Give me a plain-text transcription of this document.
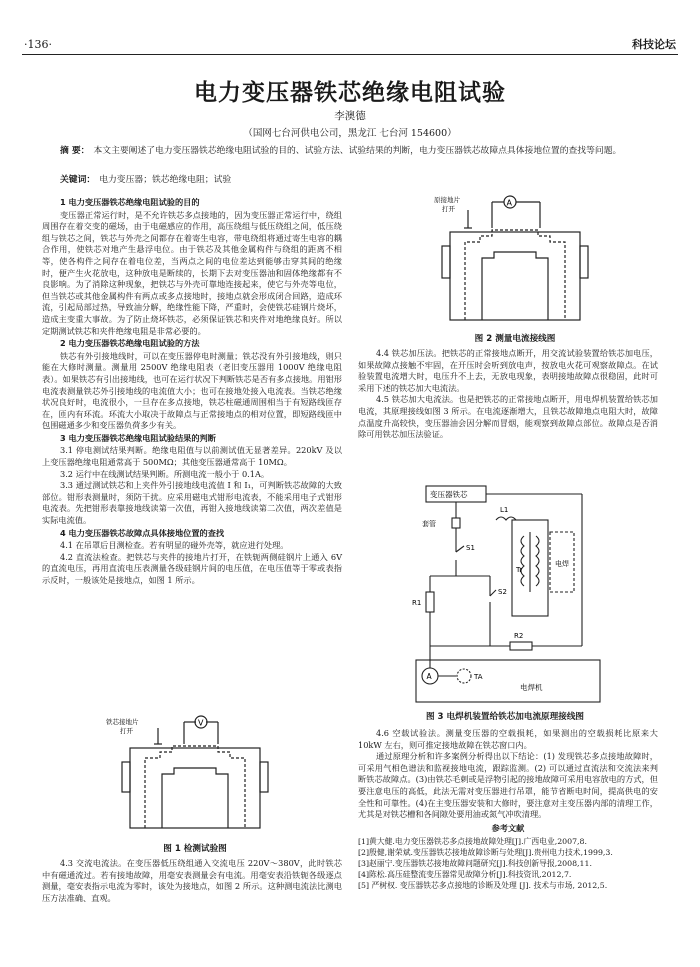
·136·	科技论坛
电力变压器铁芯绝缘电阻试验
李澳德
（国网七台河供电公司，黑龙江 七台河 154600）
摘 要： 本文主要阐述了电力变压器铁芯绝缘电阻试验的目的、试验方法、试验结果的判断，电力变压器铁芯故障点具体接地位置的查找等问题。
关键词： 电力变压器；铁芯绝缘电阻；试验
1 电力变压器铁芯绝缘电阻试验的目的

变压器正常运行时，是不允许铁芯多点接地的，因为变压器正常运行中，绕组周围存在着交变的磁场，由于电磁感应的作用，高压绕组与低压绕组之间，低压绕组与铁芯之间，铁芯与外壳之间都存在着寄生电容，带电绕组将通过寄生电容的耦合作用，使铁芯对地产生悬浮电位。由于铁芯及其他金属构件与绕组的距离不相等，使各构件之间存在着电位差，当两点之间的电位差达到能够击穿其间的绝缘时，便产生火花放电，这种放电是断续的，长期下去对变压器油和固体绝缘都有不良影响。为了消除这种现象，把铁芯与外壳可靠地连接起来，使它与外壳等电位，但当铁芯或其他金属构件有两点或多点接地时，接地点就会形成闭合回路，造成环流，引起局部过热，导致油分解，绝缘性能下降，严重时，会使铁芯硅钢片烧坏，造成主变重大事故。为了防止烧坏铁芯，必须保证铁芯和夹件对地绝缘良好。所以定期测试铁芯和夹件绝缘电阻是非常必要的。

2 电力变压器铁芯绝缘电阻试验的方法

铁芯有外引接地线时，可以在变压器停电时测量；铁芯没有外引接地线，则只能在大修时测量。测量用 2500V 绝缘电阻表（老旧变压器用 1000V 绝缘电阻表）。如果铁芯有引出接地线，也可在运行状况下判断铁芯是否有多点接地。用钳形电流表测量铁芯外引接地线的电流值大小；也可在接地处接入电流表。当铁芯绝缘状况良好时，电流很小，一旦存在多点接地，铁芯柱磁通周围相当于有短路线匝存在，匝内有环流。环流大小取决于故障点与正常接地点的相对位置，即短路线匝中包围磁通多少和变压器负荷多少有关。

3 电力变压器铁芯绝缘电阻试验结果的判断

3.1 停电测试结果判断。绝缘电阻值与以前测试值无显著差异。220kV 及以上变压器绝缘电阻通常高于 500MΩ；其他变压器通常高于 10MΩ。

3.2 运行中在线测试结果判断。所测电流一般小于 0.1A。

3.3 通过测试铁芯和上夹件外引接地线电流值 I 和 I₁，可判断铁芯故障的大致部位。钳形表测量时，须防干扰。应采用磁电式钳形电流表，不能采用电子式钳形电流表。先把钳形表靠接地线读第一次值，再钳入接地线读第二次值，两次差值是实际电流值。

4 电力变压器铁芯故障点具体接地位置的查找

4.1 在吊罩后目测检查。若有明显的碰外壳等，就应进行处理。

4.2 直流法检查。把铁芯与夹件的接地片打开，在铁轭两侧硅钢片上通入 6V 的直流电压，再用直流电压表测量各级硅钢片间的电压值，在电压值等于零或表指示反时，一般该处是接地点，如图 1 所示。

V
铁芯接地片
打开
图 1 检测试验图

4.3 交流电流法。在变压器低压绕组通入交流电压 220V～380V，此时铁芯中有磁通流过。若有接地故障，用毫安表测量会有电流。用毫安表沿铁轭各级逐点测量，毫安表指示电流为零时，该处为接地点，如图 2 所示。这种测电流法比测电压方法准确、直观。

A
原接地片
打开
图 2 测量电流接线图

4.4 铁芯加压法。把铁芯的正常接地点断开，用交流试验装置给铁芯加电压，如果故障点接触不牢固，在开压时会听到放电声，按放电火花可观察故障点。在试验装置电流增大时，电压升不上去，无放电现象，表明接地故障点很稳固，此时可采用下述的铁芯加大电流法。

4.5 铁芯加大电流法。也是把铁芯的正常接地点断开，用电焊机装置给铁芯加电流，其原理接线如图 3 所示。在电流逐渐增大，且铁芯故障地点电阻大时，故障点温度升高较快，变压器油会因分解而冒烟，能观察到故障点部位。故障点是否消除可用铁芯加压法验证。

变压器铁芯
套管
S1
S2
R1
R2
L1
Tr
电焊
A	TA
电焊机
图 3 电焊机装置给铁芯加电流原理接线图

4.6 空载试验法。测量变压器的空载损耗，如果测出的空载损耗比原来大 10kW 左右，则可推定接地故障在铁芯窗口内。

通过原理分析和许多案例分析得出以下结论：(1) 发现铁芯多点接地故障时，可采用气相色谱法和监视接地电流，跟踪监测。(2) 可以通过直流法和交流法来判断铁芯故障点。(3)由铁芯毛刺或是浮物引起的接地故障可采用电容放电的方式，但要注意电压的高低，此法无需对变压器进行吊罩，能节省断电时间，提高供电的安全性和可靠性。(4)在主变压器安装和大修时，要注意对主变压器内部的清理工作，尤其是对铁芯槽和各间隙处要用油或氮气冲吹清理。

参考文献
[1]黄大健.电力变压器铁芯多点接地故障处理[J].广西电业,2007,8.
[2]殷健,谢荣斌.变压器铁芯接地故障诊断与处理[J].贵州电力技术,1999,3.
[3]赵丽宁.变压器铁芯接地故障问题研究[J].科技创新导报,2008,11.
[4]陈松.高压硅整流变压器常见故障分析[J].科技资讯,2012,7.
[5] 严树权. 变压器铁芯多点接地的诊断及处理 [J]. 技术与市场, 2012,5.
